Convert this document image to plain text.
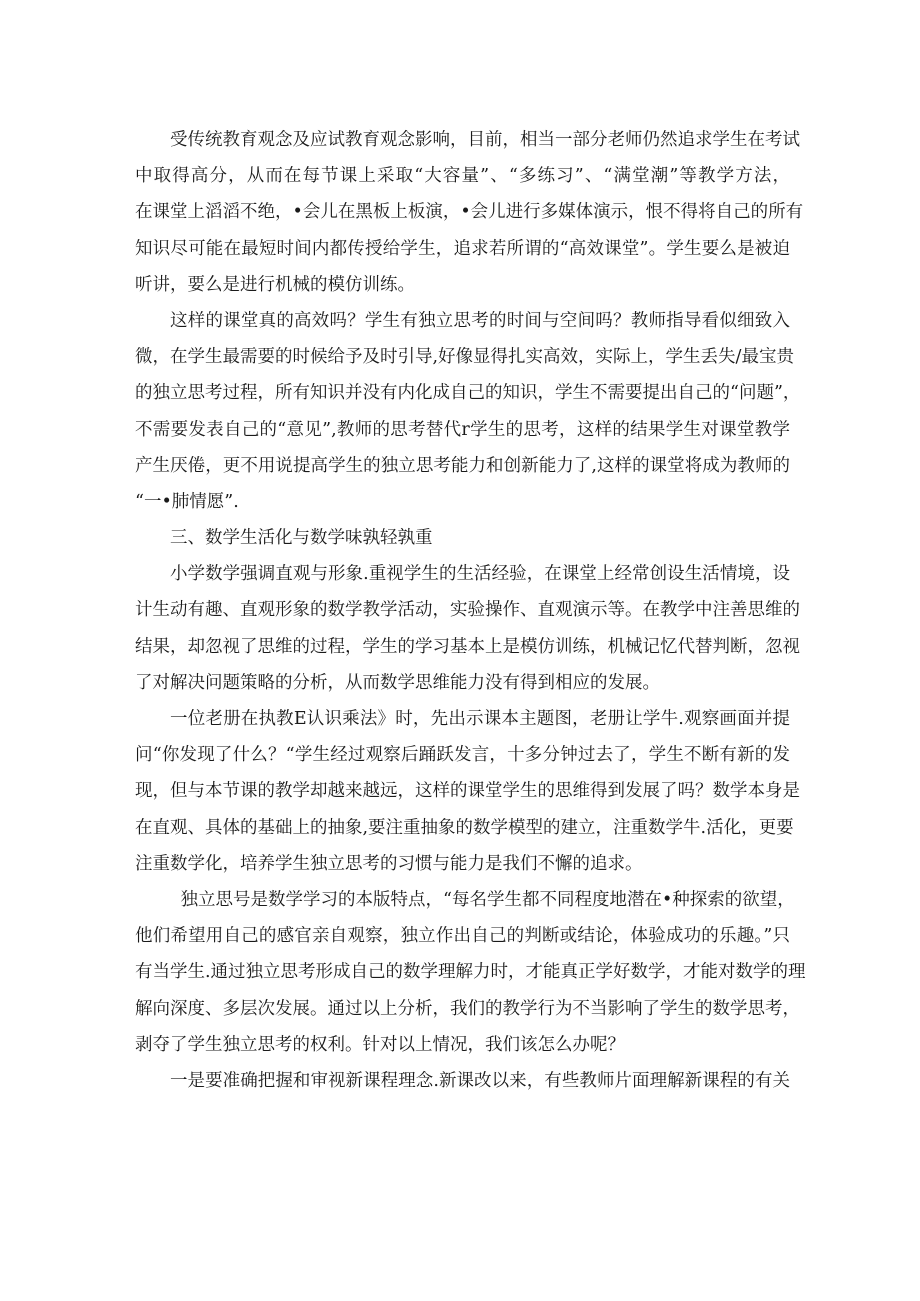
受传统教育观念及应试教育观念影响，目前，相当一部分老师仍然追求学生在考试
中取得高分，从而在每节课上采取“大容量”、“多练习”、“满堂潮”等教学方法，
在课堂上滔滔不绝，•会儿在黑板上板演，•会儿进行多媒体演示，恨不得将自己的所有
知识尽可能在最短时间内都传授给学生，追求若所谓的“高效课堂”。学生要么是被迫
听讲，要么是进行机械的模仿训练。
这样的课堂真的高效吗？学生有独立思考的时间与空间吗？教师指导看似细致入
微，在学生最需要的时候给予及时引导,好像显得扎实高效，实际上，学生丢失/最宝贵
的独立思考过程，所有知识并没有内化成自己的知识，学生不需要提出自己的“问题”，
不需要发表自己的“意见”,教师的思考替代r学生的思考，这样的结果学生对课堂教学
产生厌倦，更不用说提高学生的独立思考能力和创新能力了,这样的课堂将成为教师的
“一•肺情愿”.
三、数学生活化与数学味孰轻孰重
小学数学强调直观与形象.重视学生的生活经验，在课堂上经常创设生活情境，设
计生动有趣、直观形象的数学教学活动，实验操作、直观演示等。在教学中注善思维的
结果，却忽视了思维的过程，学生的学习基本上是模仿训练，机械记忆代替判断，忽视
了对解决问题策略的分析，从而数学思维能力没有得到相应的发展。
一位老册在执教E认识乘法》时，先出示课本主题图，老册让学牛.观察画面并提
问“你发现了什么？“学生经过观察后踊跃发言，十多分钟过去了，学生不断有新的发
现，但与本节课的教学却越来越远，这样的课堂学生的思维得到发展了吗？数学本身是
在直观、具体的基础上的抽象,要注重抽象的数学模型的建立，注重数学牛.活化，更要
注重数学化，培养学生独立思考的习惯与能力是我们不懈的追求。
独立思号是数学学习的本版特点，“每名学生都不同程度地潜在•种探索的欲望，
他们希望用自己的感官亲自观察，独立作出自己的判断或结论，体验成功的乐趣。”只
有当学生.通过独立思考形成自己的数学理解力时，才能真正学好数学，才能对数学的理
解向深度、多层次发展。通过以上分析，我们的教学行为不当影响了学生的数学思考，
剥夺了学生独立思考的权利。针对以上情况，我们该怎么办呢？
一是要准确把握和审视新课程理念.新课改以来，有些教师片面理解新课程的有关
